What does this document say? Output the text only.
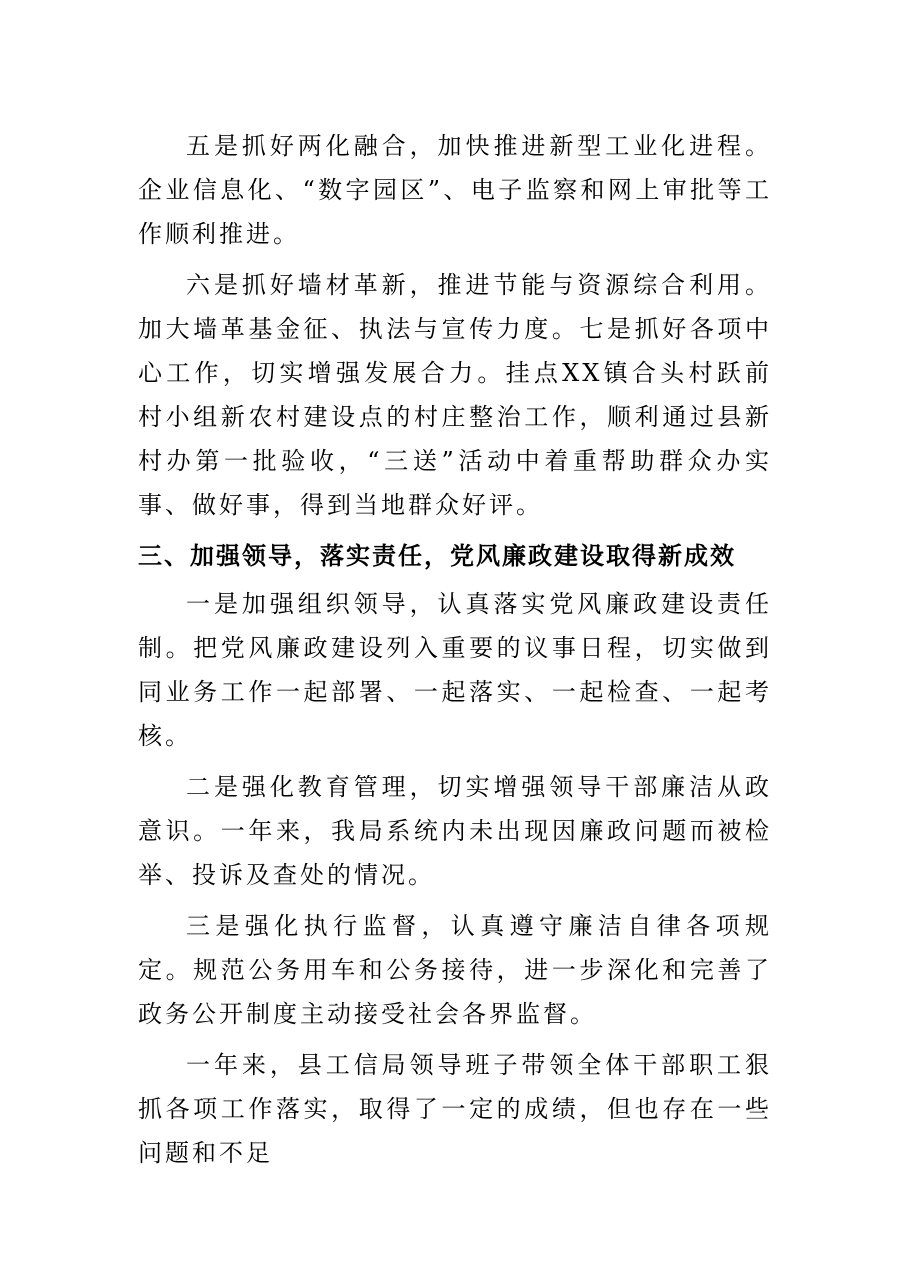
五是抓好两化融合，加快推进新型工业化进程。企业信息化、“数字园区”、电子监察和网上审批等工作顺利推进。

六是抓好墙材革新，推进节能与资源综合利用。加大墙革基金征、执法与宣传力度。七是抓好各项中心工作，切实增强发展合力。挂点XX镇合头村跃前村小组新农村建设点的村庄整治工作，顺利通过县新村办第一批验收，“三送”活动中着重帮助群众办实事、做好事，得到当地群众好评。

三、加强领导，落实责任，党风廉政建设取得新成效

一是加强组织领导，认真落实党风廉政建设责任制。把党风廉政建设列入重要的议事日程，切实做到同业务工作一起部署、一起落实、一起检查、一起考核。

二是强化教育管理，切实增强领导干部廉洁从政意识。一年来，我局系统内未出现因廉政问题而被检举、投诉及查处的情况。

三是强化执行监督，认真遵守廉洁自律各项规定。规范公务用车和公务接待，进一步深化和完善了政务公开制度主动接受社会各界监督。

一年来，县工信局领导班子带领全体干部职工狠抓各项工作落实，取得了一定的成绩，但也存在一些问题和不足
